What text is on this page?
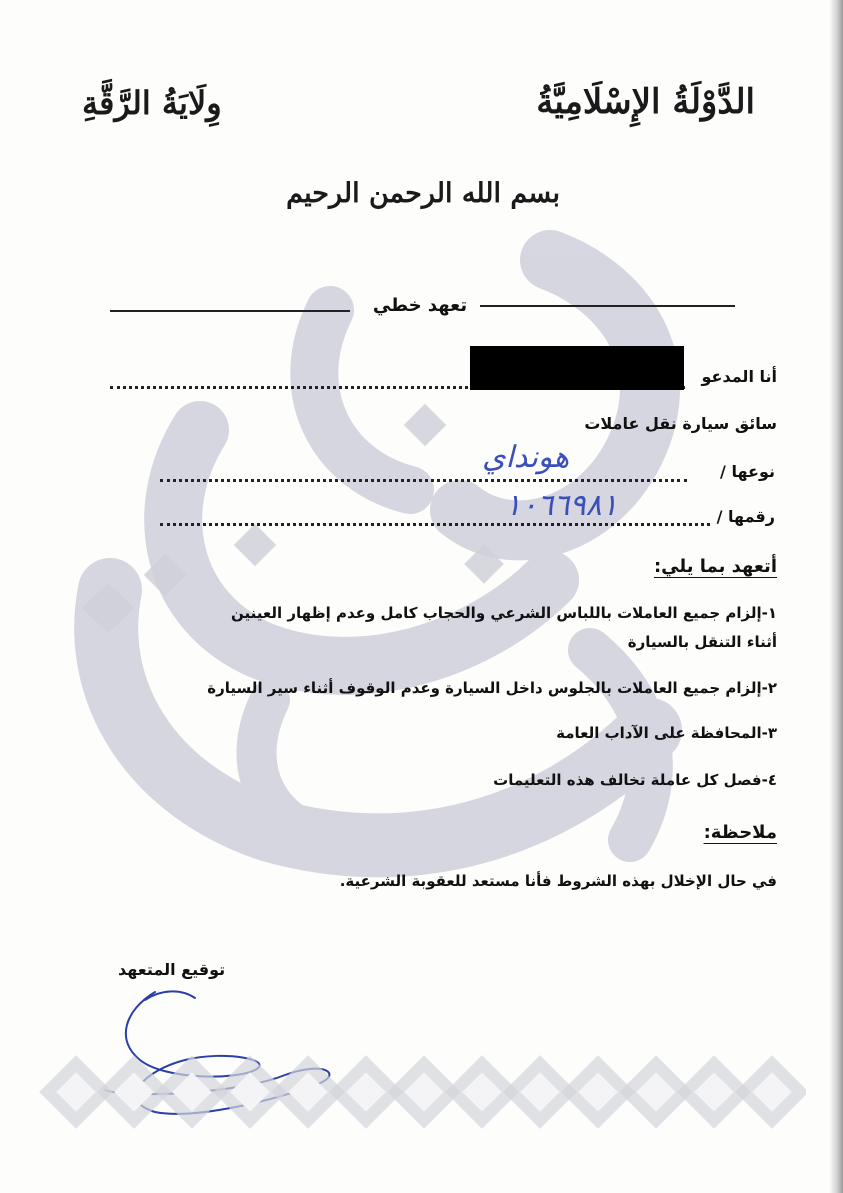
الدَّوْلَةُ الإِسْلَامِيَّةُ
وِلَايَةُ الرَّقَّةِ
بسم الله الرحمن الرحيم
تعهد خطي
أنا المدعو
سائق سيارة نقل عاملات
نوعها /
هونداي
رقمها /
١٠٦٦٩٨١
أتعهد بما يلي:
١-إلزام جميع العاملات باللباس الشرعي والحجاب كامل وعدم إظهار العينين
أثناء التنقل بالسيارة
٢-إلزام جميع العاملات بالجلوس داخل السيارة وعدم الوقوف أثناء سير السيارة
٣-المحافظة على الآداب العامة
٤-فصل كل عاملة تخالف هذه التعليمات
ملاحظة:
في حال الإخلال بهذه الشروط فأنا مستعد للعقوبة الشرعية.
توقيع المتعهد
